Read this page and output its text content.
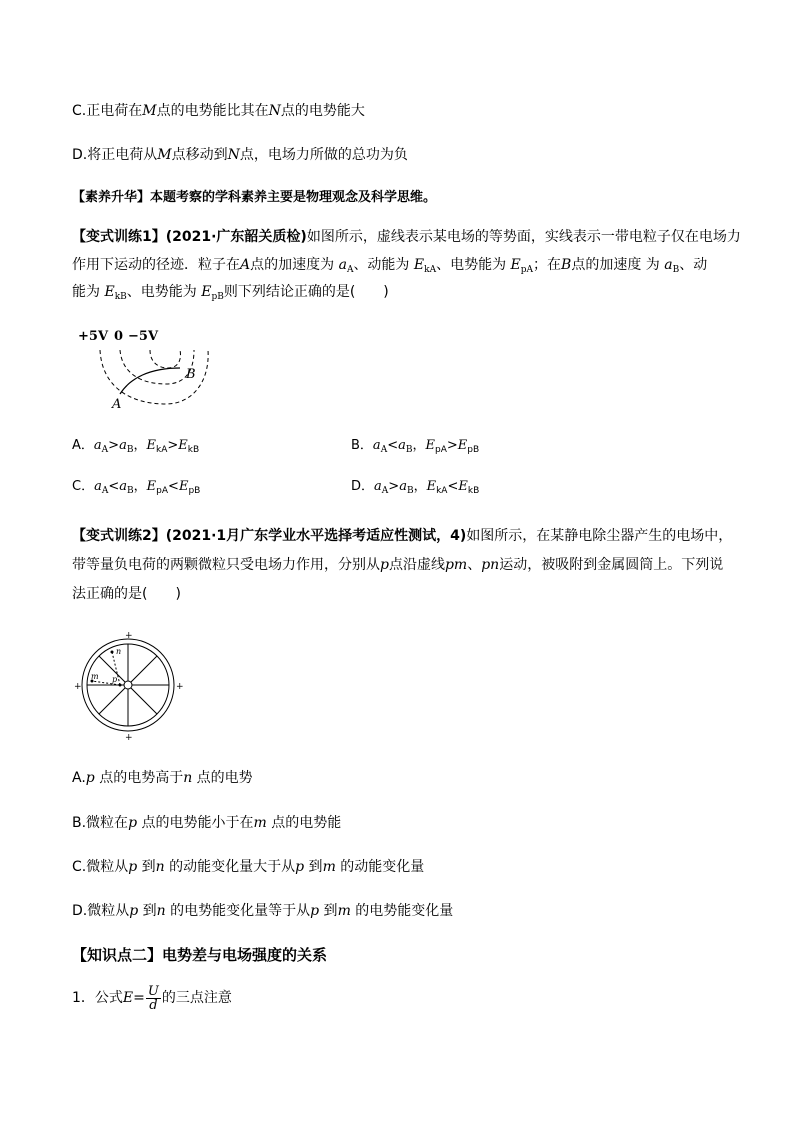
C.正电荷在M点的电势能比其在N点的电势能大
D.将正电荷从M点移动到N点，电场力所做的总功为负
【素养升华】本题考察的学科素养主要是物理观念及科学思维。
【变式训练1】(2021·广东韶关质检)如图所示，虚线表示某电场的等势面，实线表示一带电粒子仅在电场力
作用下运动的径迹．粒子在A点的加速度为 $a_A$、动能为 $E_{kA}$、电势能为 $E_{pA}$；在B点的加速度 为 $a_B$、动
能为 $E_{kB}$、电势能为 $E_{pB}$则下列结论正确的是(　　)
+5V 0 −5V
A
B
A．$a_A>a_B$，$E_{kA}>E_{kB}$	B．$a_A<a_B$，$E_{pA}>E_{pB}$
C．$a_A<a_B$，$E_{pA}<E_{pB}$	D．$a_A>a_B$，$E_{kA}<E_{kB}$
【变式训练2】(2021·1月广东学业水平选择考适应性测试，4)如图所示，在某静电除尘器产生的电场中，
带等量负电荷的两颗微粒只受电场力作用，分别从p点沿虚线pm、pn运动，被吸附到金属圆筒上。下列说
法正确的是(　　)
+
+
+	+
n
m p
A.p 点的电势高于n 点的电势
B.微粒在p 点的电势能小于在m 点的电势能
C.微粒从p 到n 的动能变化量大于从p 到m 的动能变化量
D.微粒从p 到n 的电势能变化量等于从p 到m 的电势能变化量
【知识点二】电势差与电场强度的关系
1．公式$E= \frac{U}{d}$ 的三点注意
